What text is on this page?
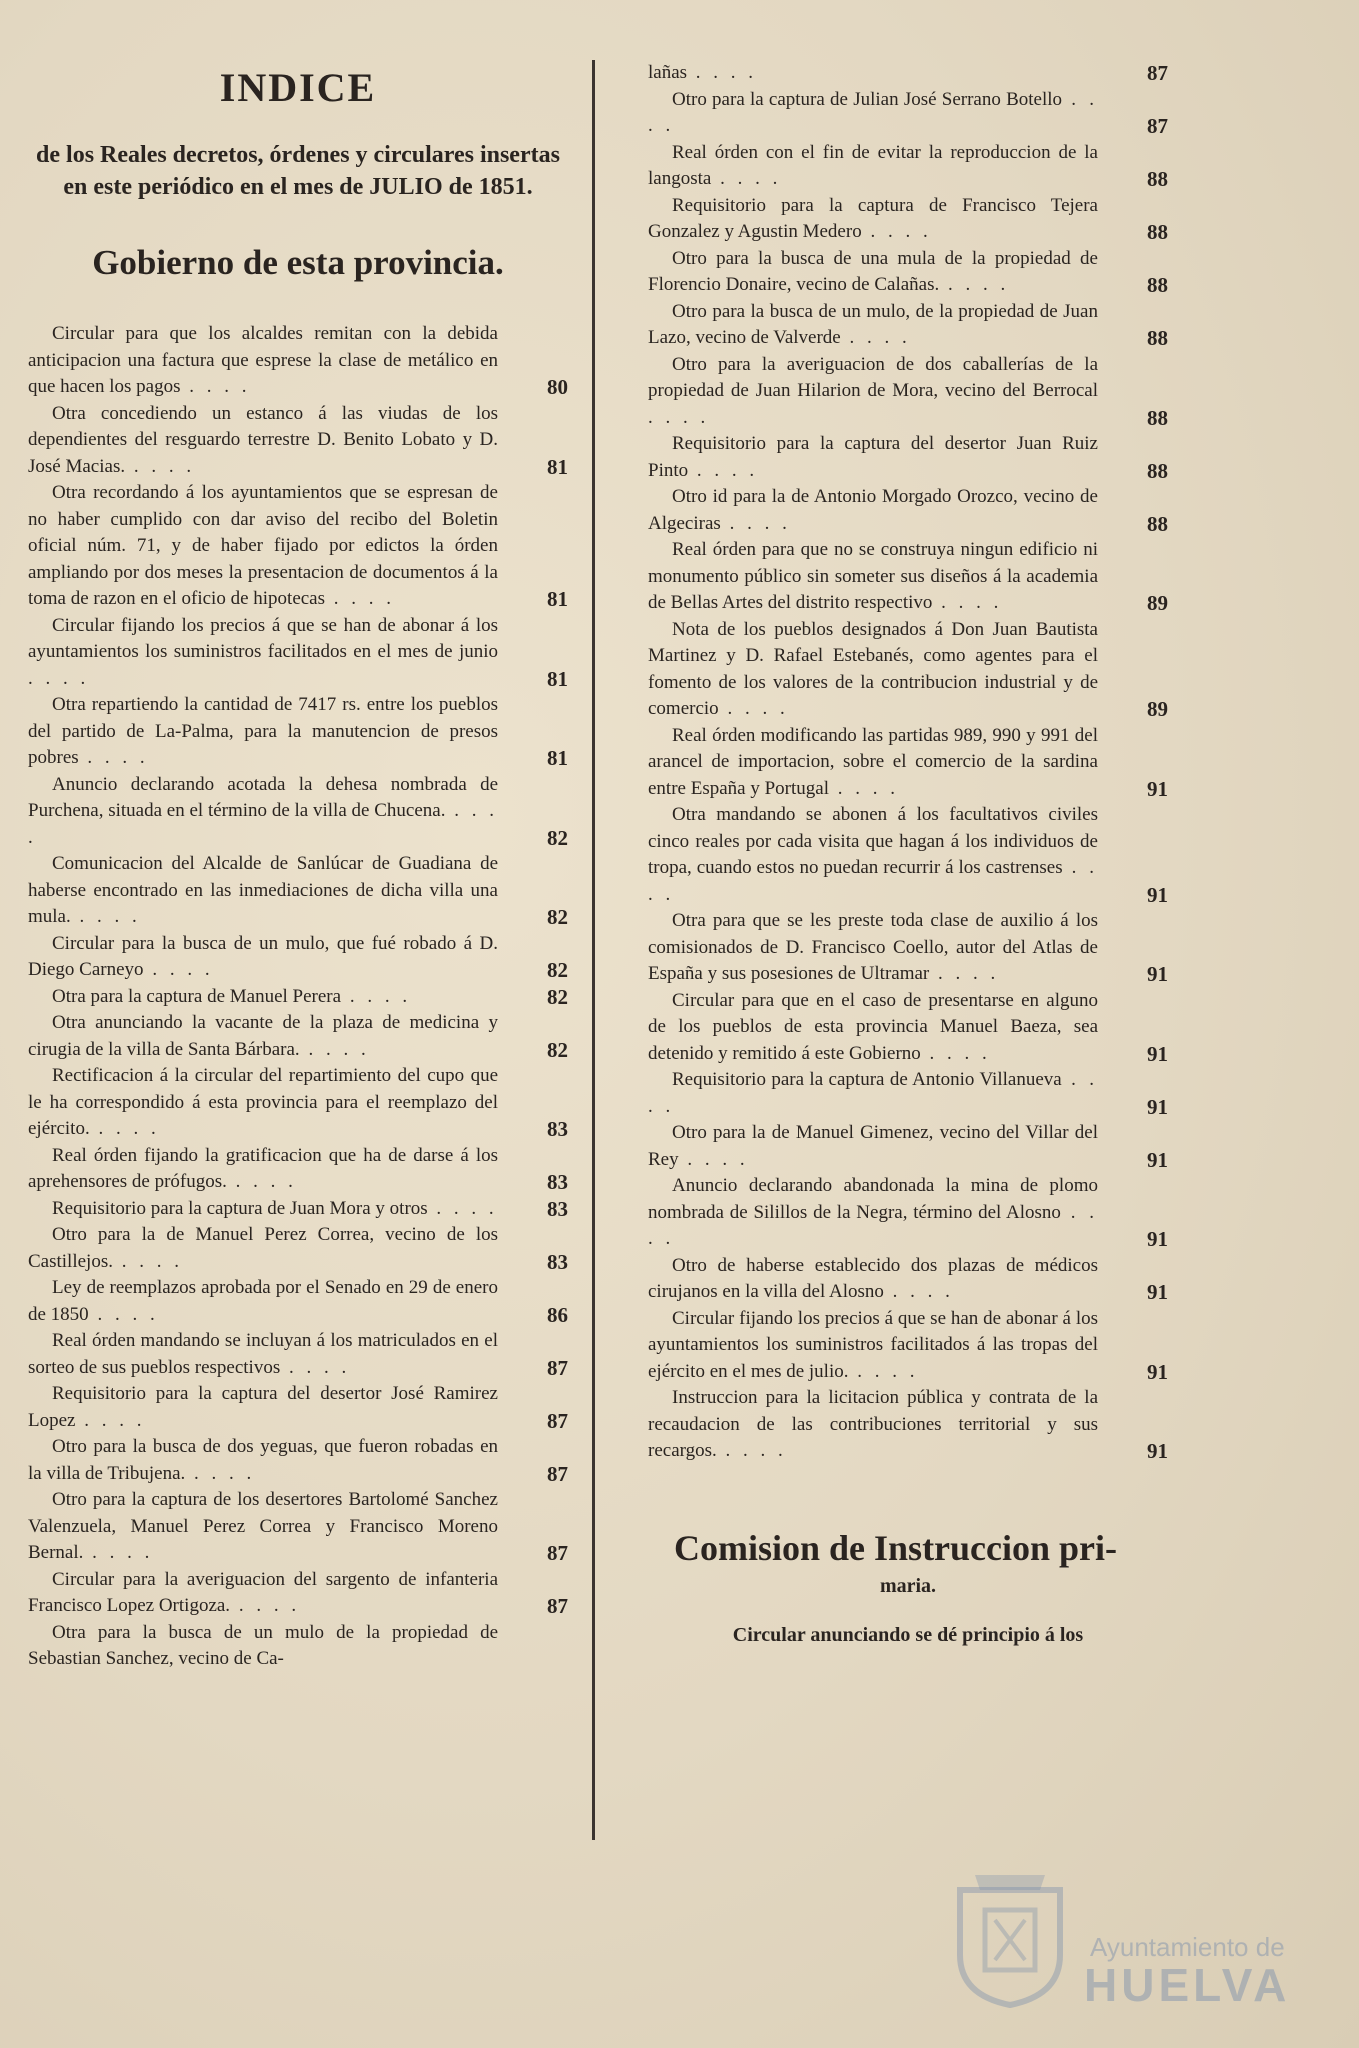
INDICE
de los Reales decretos, órdenes y circulares insertas en este periódico en el mes de JULIO de 1851.
Gobierno de esta provincia.
Circular para que los alcaldes remitan con la debida anticipacion una factura que esprese la clase de metálico en que hacen los pagos . . . .	80
Otra concediendo un estanco á las viudas de los dependientes del resguardo terrestre D. Benito Lobato y D. José Macias. . . . .	81
Otra recordando á los ayuntamientos que se espresan de no haber cumplido con dar aviso del recibo del Boletin oficial núm. 71, y de haber fijado por edictos la órden ampliando por dos meses la presentacion de documentos á la toma de razon en el oficio de hipotecas . . . .	81
Circular fijando los precios á que se han de abonar á los ayuntamientos los suministros facilitados en el mes de junio . . . .	81
Otra repartiendo la cantidad de 7417 rs. entre los pueblos del partido de La-Palma, para la manutencion de presos pobres . . . .	81
Anuncio declarando acotada la dehesa nombrada de Purchena, situada en el término de la villa de Chucena. . . . .	82
Comunicacion del Alcalde de Sanlúcar de Guadiana de haberse encontrado en las inmediaciones de dicha villa una mula. . . . .	82
Circular para la busca de un mulo, que fué robado á D. Diego Carneyo . . . .	82
Otra para la captura de Manuel Perera . . . .	82
Otra anunciando la vacante de la plaza de medicina y cirugia de la villa de Santa Bárbara. . . . .	82
Rectificacion á la circular del repartimiento del cupo que le ha correspondido á esta provincia para el reemplazo del ejército. . . . .	83
Real órden fijando la gratificacion que ha de darse á los aprehensores de prófugos. . . . .	83
Requisitorio para la captura de Juan Mora y otros . . . . 83
Otro para la de Manuel Perez Correa, vecino de los Castillejos. . . . .	83
Ley de reemplazos aprobada por el Senado en 29 de enero de 1850 . . . .	86
Real órden mandando se incluyan á los matriculados en el sorteo de sus pueblos respectivos . . . .	87
Requisitorio para la captura del desertor José Ramirez Lopez . . . .	87
Otro para la busca de dos yeguas, que fueron robadas en la villa de Tribujena. . . . .	87
Otro para la captura de los desertores Bartolomé Sanchez Valenzuela, Manuel Perez Correa y Francisco Moreno Bernal. . . . .	87
Circular para la averiguacion del sargento de infanteria Francisco Lopez Ortigoza. . . . .	87
Otra para la busca de un mulo de la propiedad de Sebastian Sanchez, vecino de Ca-
lañas . . . .	87
Otro para la captura de Julian José Serrano Botello . . . .	87
Real órden con el fin de evitar la reproduccion de la langosta . . . .	88
Requisitorio para la captura de Francisco Tejera Gonzalez y Agustin Medero . . . .	88
Otro para la busca de una mula de la propiedad de Florencio Donaire, vecino de Calañas. . . . .	88
Otro para la busca de un mulo, de la propiedad de Juan Lazo, vecino de Valverde . . . .	88
Otro para la averiguacion de dos caballerías de la propiedad de Juan Hilarion de Mora, vecino del Berrocal . . . .	88
Requisitorio para la captura del desertor Juan Ruiz Pinto . . . .	88
Otro id para la de Antonio Morgado Orozco, vecino de Algeciras . . . .	88
Real órden para que no se construya ningun edificio ni monumento público sin someter sus diseños á la academia de Bellas Artes del distrito respectivo . . . .	89
Nota de los pueblos designados á Don Juan Bautista Martinez y D. Rafael Estebanés, como agentes para el fomento de los valores de la contribucion industrial y de comercio . . . .	89
Real órden modificando las partidas 989, 990 y 991 del arancel de importacion, sobre el comercio de la sardina entre España y Portugal . . . .	91
Otra mandando se abonen á los facultativos civiles cinco reales por cada visita que hagan á los individuos de tropa, cuando estos no puedan recurrir á los castrenses . . . .	91
Otra para que se les preste toda clase de auxilio á los comisionados de D. Francisco Coello, autor del Atlas de España y sus posesiones de Ultramar . . . .	91
Circular para que en el caso de presentarse en alguno de los pueblos de esta provincia Manuel Baeza, sea detenido y remitido á este Gobierno . . . .	91
Requisitorio para la captura de Antonio Villanueva . . . .	91
Otro para la de Manuel Gimenez, vecino del Villar del Rey . . . .	91
Anuncio declarando abandonada la mina de plomo nombrada de Silillos de la Negra, término del Alosno . . . .	91
Otro de haberse establecido dos plazas de médicos cirujanos en la villa del Alosno . . . .	91
Circular fijando los precios á que se han de abonar á los ayuntamientos los suministros facilitados á las tropas del ejército en el mes de julio. . . . .	91
Instruccion para la licitacion pública y contrata de la recaudacion de las contribuciones territorial y sus recargos. . . . .	91
Comision de Instruccion pri-
maria.
Circular anunciando se dé principio á los
Ayuntamiento de
HUELVA
